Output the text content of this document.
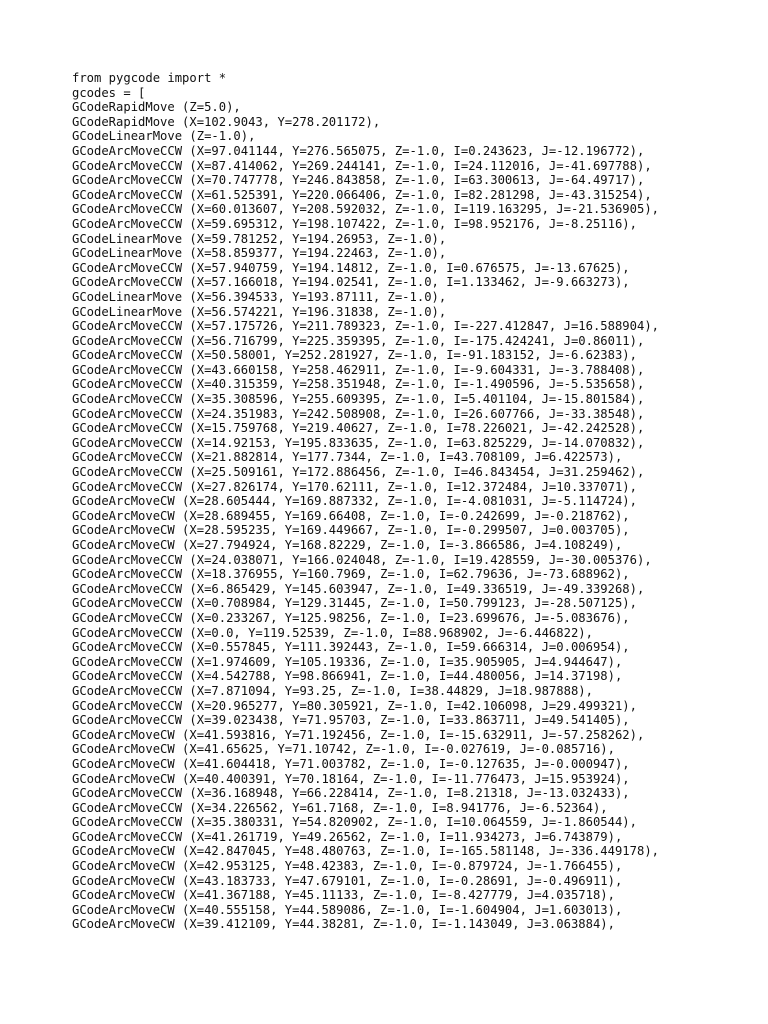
from pygcode import *
gcodes = [
GCodeRapidMove (Z=5.0),
GCodeRapidMove (X=102.9043, Y=278.201172),
GCodeLinearMove (Z=-1.0),
GCodeArcMoveCCW (X=97.041144, Y=276.565075, Z=-1.0, I=0.243623, J=-12.196772),
GCodeArcMoveCCW (X=87.414062, Y=269.244141, Z=-1.0, I=24.112016, J=-41.697788),
GCodeArcMoveCCW (X=70.747778, Y=246.843858, Z=-1.0, I=63.300613, J=-64.49717),
GCodeArcMoveCCW (X=61.525391, Y=220.066406, Z=-1.0, I=82.281298, J=-43.315254),
GCodeArcMoveCCW (X=60.013607, Y=208.592032, Z=-1.0, I=119.163295, J=-21.536905),
GCodeArcMoveCCW (X=59.695312, Y=198.107422, Z=-1.0, I=98.952176, J=-8.25116),
GCodeLinearMove (X=59.781252, Y=194.26953, Z=-1.0),
GCodeLinearMove (X=58.859377, Y=194.22463, Z=-1.0),
GCodeArcMoveCCW (X=57.940759, Y=194.14812, Z=-1.0, I=0.676575, J=-13.67625),
GCodeArcMoveCCW (X=57.166018, Y=194.02541, Z=-1.0, I=1.133462, J=-9.663273),
GCodeLinearMove (X=56.394533, Y=193.87111, Z=-1.0),
GCodeLinearMove (X=56.574221, Y=196.31838, Z=-1.0),
GCodeArcMoveCCW (X=57.175726, Y=211.789323, Z=-1.0, I=-227.412847, J=16.588904),
GCodeArcMoveCCW (X=56.716799, Y=225.359395, Z=-1.0, I=-175.424241, J=0.86011),
GCodeArcMoveCCW (X=50.58001, Y=252.281927, Z=-1.0, I=-91.183152, J=-6.62383),
GCodeArcMoveCCW (X=43.660158, Y=258.462911, Z=-1.0, I=-9.604331, J=-3.788408),
GCodeArcMoveCCW (X=40.315359, Y=258.351948, Z=-1.0, I=-1.490596, J=-5.535658),
GCodeArcMoveCCW (X=35.308596, Y=255.609395, Z=-1.0, I=5.401104, J=-15.801584),
GCodeArcMoveCCW (X=24.351983, Y=242.508908, Z=-1.0, I=26.607766, J=-33.38548),
GCodeArcMoveCCW (X=15.759768, Y=219.40627, Z=-1.0, I=78.226021, J=-42.242528),
GCodeArcMoveCCW (X=14.92153, Y=195.833635, Z=-1.0, I=63.825229, J=-14.070832),
GCodeArcMoveCCW (X=21.882814, Y=177.7344, Z=-1.0, I=43.708109, J=6.422573),
GCodeArcMoveCCW (X=25.509161, Y=172.886456, Z=-1.0, I=46.843454, J=31.259462),
GCodeArcMoveCCW (X=27.826174, Y=170.62111, Z=-1.0, I=12.372484, J=10.337071),
GCodeArcMoveCW (X=28.605444, Y=169.887332, Z=-1.0, I=-4.081031, J=-5.114724),
GCodeArcMoveCW (X=28.689455, Y=169.66408, Z=-1.0, I=-0.242699, J=-0.218762),
GCodeArcMoveCW (X=28.595235, Y=169.449667, Z=-1.0, I=-0.299507, J=0.003705),
GCodeArcMoveCW (X=27.794924, Y=168.82229, Z=-1.0, I=-3.866586, J=4.108249),
GCodeArcMoveCCW (X=24.038071, Y=166.024048, Z=-1.0, I=19.428559, J=-30.005376),
GCodeArcMoveCCW (X=18.376955, Y=160.7969, Z=-1.0, I=62.79636, J=-73.688962),
GCodeArcMoveCCW (X=6.865429, Y=145.603947, Z=-1.0, I=49.336519, J=-49.339268),
GCodeArcMoveCCW (X=0.708984, Y=129.31445, Z=-1.0, I=50.799123, J=-28.507125),
GCodeArcMoveCCW (X=0.233267, Y=125.98256, Z=-1.0, I=23.699676, J=-5.083676),
GCodeArcMoveCCW (X=0.0, Y=119.52539, Z=-1.0, I=88.968902, J=-6.446822),
GCodeArcMoveCCW (X=0.557845, Y=111.392443, Z=-1.0, I=59.666314, J=0.006954),
GCodeArcMoveCCW (X=1.974609, Y=105.19336, Z=-1.0, I=35.905905, J=4.944647),
GCodeArcMoveCCW (X=4.542788, Y=98.866941, Z=-1.0, I=44.480056, J=14.37198),
GCodeArcMoveCCW (X=7.871094, Y=93.25, Z=-1.0, I=38.44829, J=18.987888),
GCodeArcMoveCCW (X=20.965277, Y=80.305921, Z=-1.0, I=42.106098, J=29.499321),
GCodeArcMoveCCW (X=39.023438, Y=71.95703, Z=-1.0, I=33.863711, J=49.541405),
GCodeArcMoveCW (X=41.593816, Y=71.192456, Z=-1.0, I=-15.632911, J=-57.258262),
GCodeArcMoveCW (X=41.65625, Y=71.10742, Z=-1.0, I=-0.027619, J=-0.085716),
GCodeArcMoveCW (X=41.604418, Y=71.003782, Z=-1.0, I=-0.127635, J=-0.000947),
GCodeArcMoveCW (X=40.400391, Y=70.18164, Z=-1.0, I=-11.776473, J=15.953924),
GCodeArcMoveCCW (X=36.168948, Y=66.228414, Z=-1.0, I=8.21318, J=-13.032433),
GCodeArcMoveCCW (X=34.226562, Y=61.7168, Z=-1.0, I=8.941776, J=-6.52364),
GCodeArcMoveCCW (X=35.380331, Y=54.820902, Z=-1.0, I=10.064559, J=-1.860544),
GCodeArcMoveCCW (X=41.261719, Y=49.26562, Z=-1.0, I=11.934273, J=6.743879),
GCodeArcMoveCW (X=42.847045, Y=48.480763, Z=-1.0, I=-165.581148, J=-336.449178),
GCodeArcMoveCW (X=42.953125, Y=48.42383, Z=-1.0, I=-0.879724, J=-1.766455),
GCodeArcMoveCW (X=43.183733, Y=47.679101, Z=-1.0, I=-0.28691, J=-0.496911),
GCodeArcMoveCW (X=41.367188, Y=45.11133, Z=-1.0, I=-8.427779, J=4.035718),
GCodeArcMoveCW (X=40.555158, Y=44.589086, Z=-1.0, I=-1.604904, J=1.603013),
GCodeArcMoveCW (X=39.412109, Y=44.38281, Z=-1.0, I=-1.143049, J=3.063884),
